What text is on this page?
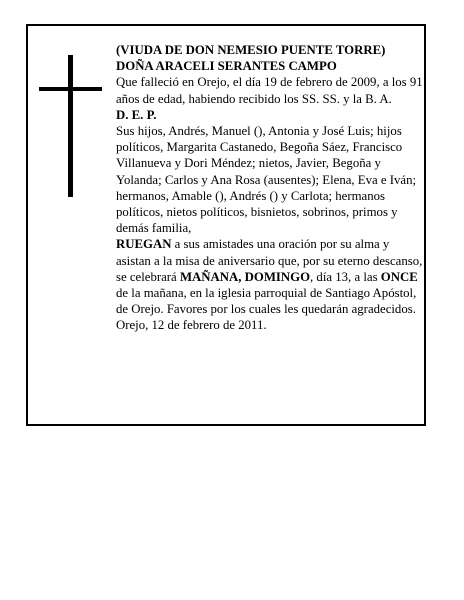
(VIUDA DE DON NEMESIO PUENTE TORRE)

DOÑA ARACELI SERANTES CAMPO

Que falleció en Orejo, el día 19 de febrero de 2009, a los 91 años de edad, habiendo recibido los SS. SS. y la B. A.

D. E. P.

Sus hijos, Andrés, Manuel (), Antonia y José Luis; hijos políticos, Margarita Castanedo, Begoña Sáez, Francisco Villanueva y Dori Méndez; nietos, Javier, Begoña y Yolanda; Carlos y Ana Rosa (ausentes); Elena, Eva e Iván; hermanos, Amable (), Andrés () y Carlota; hermanos políticos, nietos políticos, bisnietos, sobrinos, primos y demás familia,

RUEGAN a sus amistades una oración por su alma y asistan a la misa de aniversario que, por su eterno descanso, se celebrará MAÑANA, DOMINGO, día 13, a las ONCE de la mañana, en la iglesia parroquial de Santiago Apóstol, de Orejo. Favores por los cuales les quedarán agradecidos.

Orejo, 12 de febrero de 2011.
